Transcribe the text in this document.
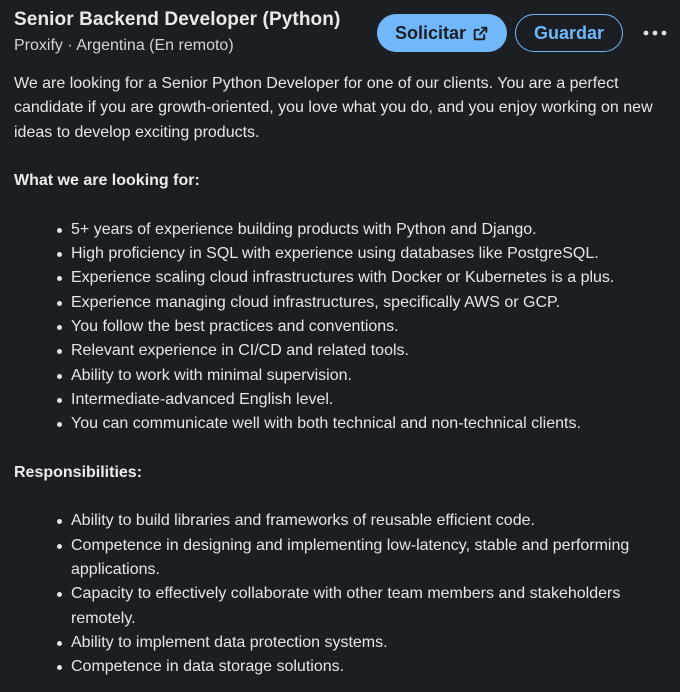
Senior Backend Developer (Python)
Proxify · Argentina (En remoto)
Solicitar	Guardar

We are looking for a Senior Python Developer for one of our clients. You are a perfect candidate if you are growth-oriented, you love what you do, and you enjoy working on new ideas to develop exciting products.

What we are looking for:

5+ years of experience building products with Python and Django.
High proficiency in SQL with experience using databases like PostgreSQL.
Experience scaling cloud infrastructures with Docker or Kubernetes is a plus.
Experience managing cloud infrastructures, specifically AWS or GCP.
You follow the best practices and conventions.
Relevant experience in CI/CD and related tools.
Ability to work with minimal supervision.
Intermediate-advanced English level.
You can communicate well with both technical and non-technical clients.

Responsibilities:

Ability to build libraries and frameworks of reusable efficient code.
Competence in designing and implementing low-latency, stable and performing applications.
Capacity to effectively collaborate with other team members and stakeholders remotely.
Ability to implement data protection systems.
Competence in data storage solutions.
